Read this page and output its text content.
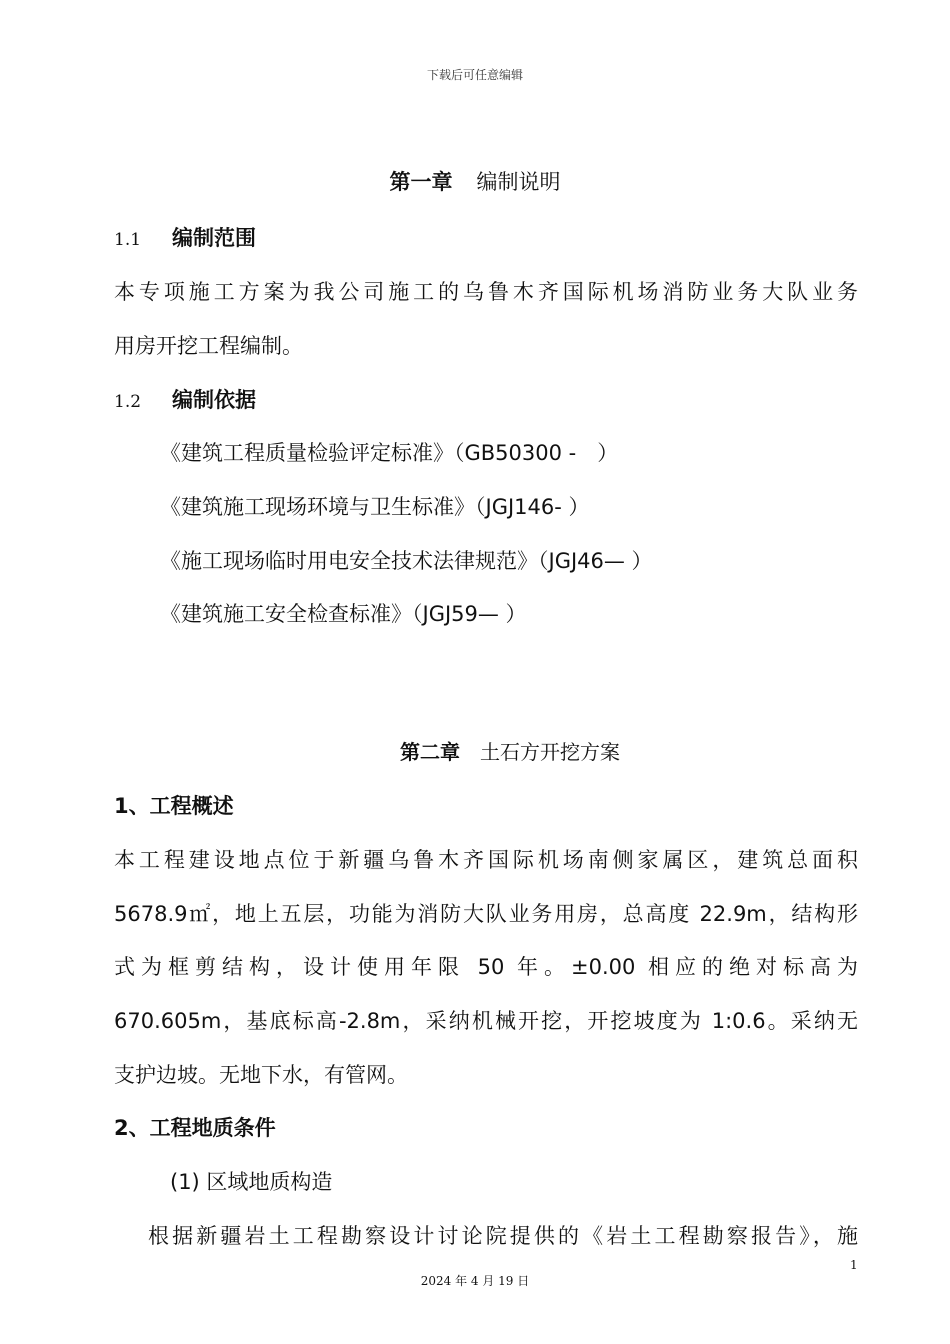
下载后可任意编辑
第一章 编制说明
1.1 编制范围
本专项施工方案为我公司施工的乌鲁木齐国际机场消防业务大队业务
用房开挖工程编制。
1.2 编制依据
《建筑工程质量检验评定标准》（GB50300 -　）
《建筑施工现场环境与卫生标准》（JGJ146- ）
《施工现场临时用电安全技术法律规范》（JGJ46— ）
《建筑施工安全检查标准》（JGJ59— ）
第二章 土石方开挖方案
1、工程概述
本工程建设地点位于新疆乌鲁木齐国际机场南侧家属区，建筑总面积
5678.9㎡，地上五层，功能为消防大队业务用房，总高度 22.9m，结构形
式为框剪结构，设计使用年限 50 年。±0.00 相应的绝对标高为
670.605m，基底标高-2.8m，采纳机械开挖，开挖坡度为 1:0.6。采纳无
支护边坡。无地下水，有管网。
2、工程地质条件
(1) 区域地质构造
根据新疆岩土工程勘察设计讨论院提供的《岩土工程勘察报告》，施
1
2024 年 4 月 19 日
